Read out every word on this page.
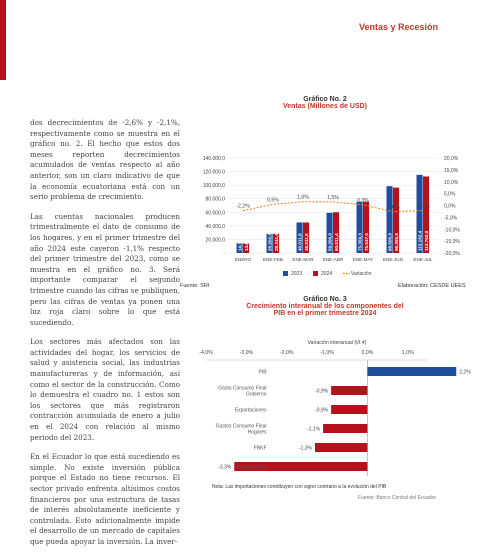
Ventas y Recesión

dos decrecimientos de -2,6% y -2,1%, respectivamente como se muestra en el gráfico no. 2. El hecho que estos dos meses reporten decrecimientos acumulados de ventas respecto al año anterior, son un claro indicativo de que la economía ecuatoriana está con un serio problema de crecimiento.

Las cuentas nacionales producen trimestralmente el dato de consumo de los hogares, y en el primer trimestre del año 2024 este cayeron -1,1% respecto del primer trimestre del 2023, como se muestra en el gráfico no. 3. Será importante comparar el segundo trimestre cuando las cifras se publiquen, pero las cifras de ventas ya ponen una luz roja claro sobre lo que está sucediendo.

Los sectores más afectados son las actividades del hogar, los servicios de salud y asistencia social, las industrias manufactureras y de información, así como el sector de la construcción. Como lo demuestra el cuadro no. 1 estos son los sectores que más registraron contracción acumulada de enero a julio en el 2024 con relación al mismo periodo del 2023.

En el Ecuador lo que está sucediendo es simple. No existe inversión pública porque el Estado no tiene recursos. El sector privado enfrenta altísimos costos financieros por una estructura de tasas de interés absolutamente ineficiente y controlada. Esto adicionalmente impide el desarrollo de un mercado de capitales que pueda apoyar la inversión. La inver-

Gráfico No. 2
Ventas (Millones de USD)
-
20.000,0
40.000,0
60.000,0
80.000,0
100.000,0
120.000,0
140.000,0
-20,0%
-15,0%
-10,0%
-5,0%
0,0%
5,0%
10,0%
15,0%
20,0%
14.345,5 14.034,8
ENERO
28.202,6 28.341,6
ENE-FEB
45.011,8 45.011,8
ENE-MAR
59.206,0 60.011,4
ENE-ABR
75.359,3 75.547,5
ENE-MAY
98.505,9 96.355,5
ENE-JUN
115.182,4 112.762,0
ENE-JUL
-2,2%
0,5%	1,6%	1,5%	0,3%
-2,6%	-2,1%
2023	2024	Variación
Fuente: SRI	Elaboración: CESDE UEES
Gráfico No. 3
Crecimiento interanual de los componentes del
PIB en el primer trimestre 2024
Variación interanual (t/t 4)
-4,0%	-3,0%	-2,0%	-1,0%	0,0%	1,0%
2,2%
PIB
-0,9%
Gasto Consumo Final
Gobierno
-0,9%
Exportaciones
-1,1%
Gastos Consumo Final
Hogares
-1,3%
FBKF
-3,3% Importaciones
Nota: Las importaciones contribuyen con signo contrario a la evolución del PIB
Fuente: Banco Central del Ecuador
